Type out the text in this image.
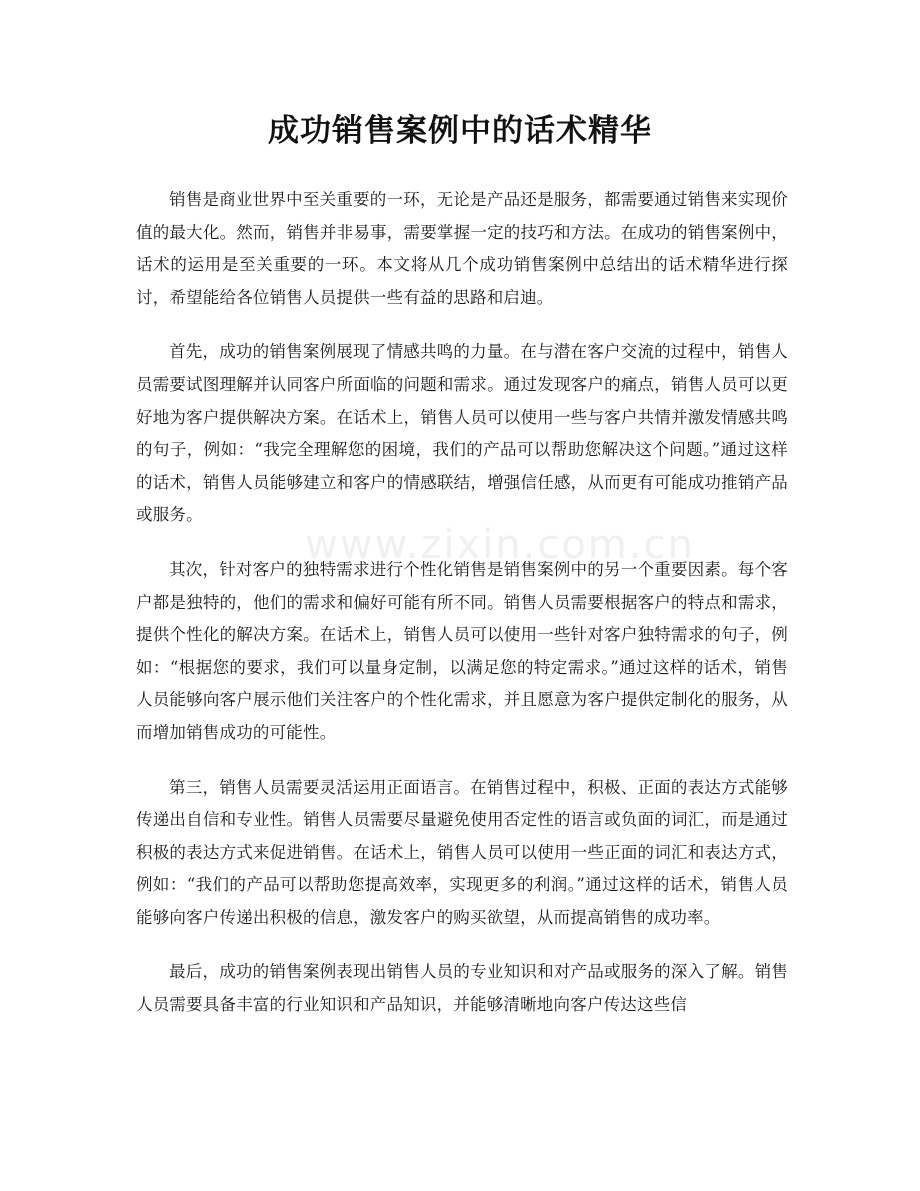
成功销售案例中的话术精华

销售是商业世界中至关重要的一环，无论是产品还是服务，都需要通过销售来实现价值的最大化。然而，销售并非易事，需要掌握一定的技巧和方法。在成功的销售案例中，话术的运用是至关重要的一环。本文将从几个成功销售案例中总结出的话术精华进行探讨，希望能给各位销售人员提供一些有益的思路和启迪。

首先，成功的销售案例展现了情感共鸣的力量。在与潜在客户交流的过程中，销售人员需要试图理解并认同客户所面临的问题和需求。通过发现客户的痛点，销售人员可以更好地为客户提供解决方案。在话术上，销售人员可以使用一些与客户共情并激发情感共鸣的句子，例如：“我完全理解您的困境，我们的产品可以帮助您解决这个问题。”通过这样的话术，销售人员能够建立和客户的情感联结，增强信任感，从而更有可能成功推销产品或服务。

其次，针对客户的独特需求进行个性化销售是销售案例中的另一个重要因素。每个客户都是独特的，他们的需求和偏好可能有所不同。销售人员需要根据客户的特点和需求，提供个性化的解决方案。在话术上，销售人员可以使用一些针对客户独特需求的句子，例如：“根据您的要求，我们可以量身定制，以满足您的特定需求。”通过这样的话术，销售人员能够向客户展示他们关注客户的个性化需求，并且愿意为客户提供定制化的服务，从而增加销售成功的可能性。

第三，销售人员需要灵活运用正面语言。在销售过程中，积极、正面的表达方式能够传递出自信和专业性。销售人员需要尽量避免使用否定性的语言或负面的词汇，而是通过积极的表达方式来促进销售。在话术上，销售人员可以使用一些正面的词汇和表达方式，例如：“我们的产品可以帮助您提高效率，实现更多的利润。”通过这样的话术，销售人员能够向客户传递出积极的信息，激发客户的购买欲望，从而提高销售的成功率。

最后，成功的销售案例表现出销售人员的专业知识和对产品或服务的深入了解。销售人员需要具备丰富的行业知识和产品知识，并能够清晰地向客户传达这些信

www.zixin.com.cn
